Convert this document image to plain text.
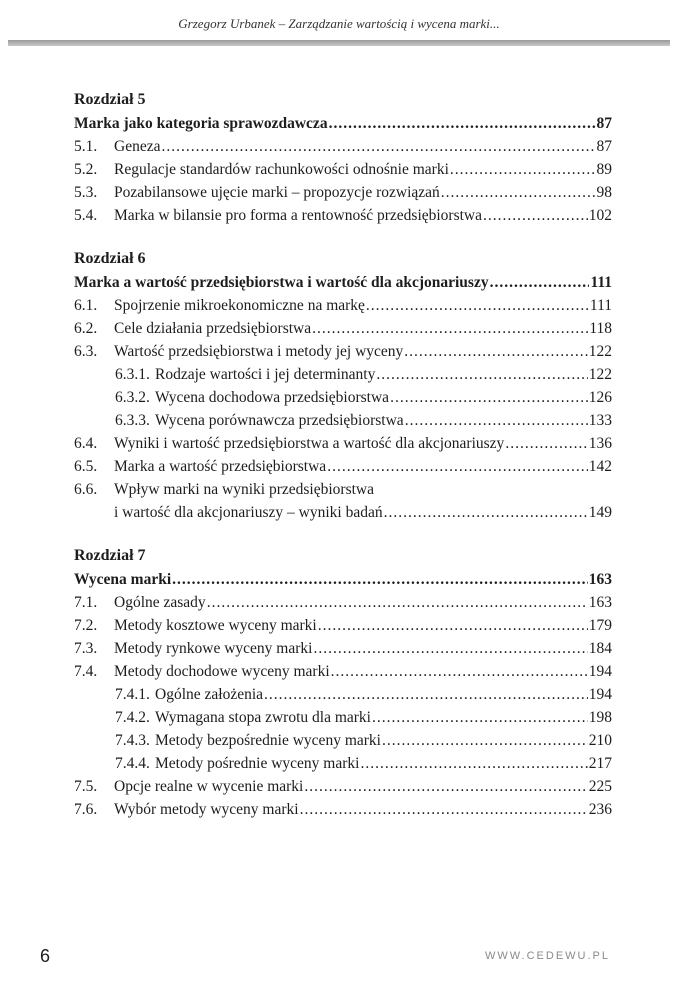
Grzegorz Urbanek – Zarządzanie wartością i wycena marki...
Rozdział 5
Marka jako kategoria sprawozdawcza .....	87
5.1.	Geneza .....	87
5.2.	Regulacje standardów rachunkowości odnośnie marki .....	89
5.3.	Pozabilansowe ujęcie marki – propozycje rozwiązań .....	98
5.4.	Marka w bilansie pro forma a rentowność przedsiębiorstwa .....	102
Rozdział 6
Marka a wartość przedsiębiorstwa i wartość dla akcjonariuszy .....	111
6.1.	Spojrzenie mikroekonomiczne na markę .....	111
6.2.	Cele działania przedsiębiorstwa .....	118
6.3.	Wartość przedsiębiorstwa i metody jej wyceny .....	122
6.3.1. Rodzaje wartości i jej determinanty .....	122
6.3.2. Wycena dochodowa przedsiębiorstwa .....	126
6.3.3. Wycena porównawcza przedsiębiorstwa .....	133
6.4.	Wyniki i wartość przedsiębiorstwa a wartość dla akcjonariuszy .....	136
6.5.	Marka a wartość przedsiębiorstwa .....	142
6.6.	Wpływ marki na wyniki przedsiębiorstwa
i wartość dla akcjonariuszy – wyniki badań .....	149
Rozdział 7
Wycena marki .....	163
7.1.	Ogólne zasady .....	163
7.2.	Metody kosztowe wyceny marki .....	179
7.3.	Metody rynkowe wyceny marki .....	184
7.4.	Metody dochodowe wyceny marki .....	194
7.4.1. Ogólne założenia .....	194
7.4.2. Wymagana stopa zwrotu dla marki .....	198
7.4.3. Metody bezpośrednie wyceny marki .....	210
7.4.4. Metody pośrednie wyceny marki .....	217
7.5.	Opcje realne w wycenie marki .....	225
7.6.	Wybór metody wyceny marki .....	236
6	WWW.CEDEWU.PL
